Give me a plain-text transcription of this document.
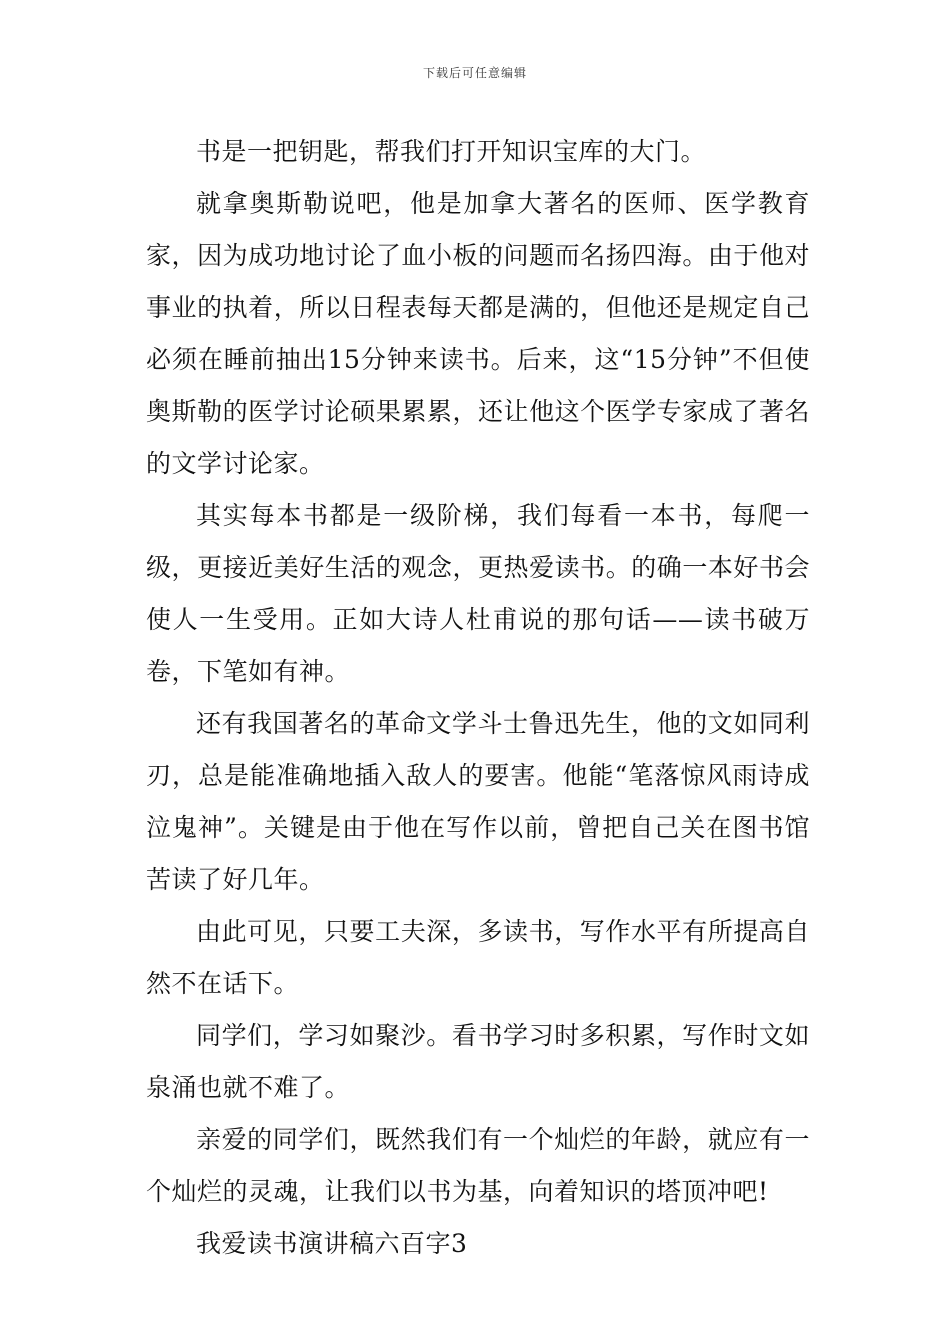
下载后可任意编辑

书是一把钥匙，帮我们打开知识宝库的大门。

就拿奥斯勒说吧，他是加拿大著名的医师、医学教育家，因为成功地讨论了血小板的问题而名扬四海。由于他对事业的执着，所以日程表每天都是满的，但他还是规定自己必须在睡前抽出15分钟来读书。后来，这“15分钟”不但使奥斯勒的医学讨论硕果累累，还让他这个医学专家成了著名的文学讨论家。

其实每本书都是一级阶梯，我们每看一本书，每爬一级，更接近美好生活的观念，更热爱读书。的确一本好书会使人一生受用。正如大诗人杜甫说的那句话——读书破万卷，下笔如有神。

还有我国著名的革命文学斗士鲁迅先生，他的文如同利刃，总是能准确地插入敌人的要害。他能“笔落惊风雨诗成泣鬼神”。关键是由于他在写作以前，曾把自己关在图书馆苦读了好几年。

由此可见，只要工夫深，多读书，写作水平有所提高自然不在话下。

同学们，学习如聚沙。看书学习时多积累，写作时文如泉涌也就不难了。

亲爱的同学们，既然我们有一个灿烂的年龄，就应有一个灿烂的灵魂，让我们以书为基，向着知识的塔顶冲吧!

我爱读书演讲稿六百字3
